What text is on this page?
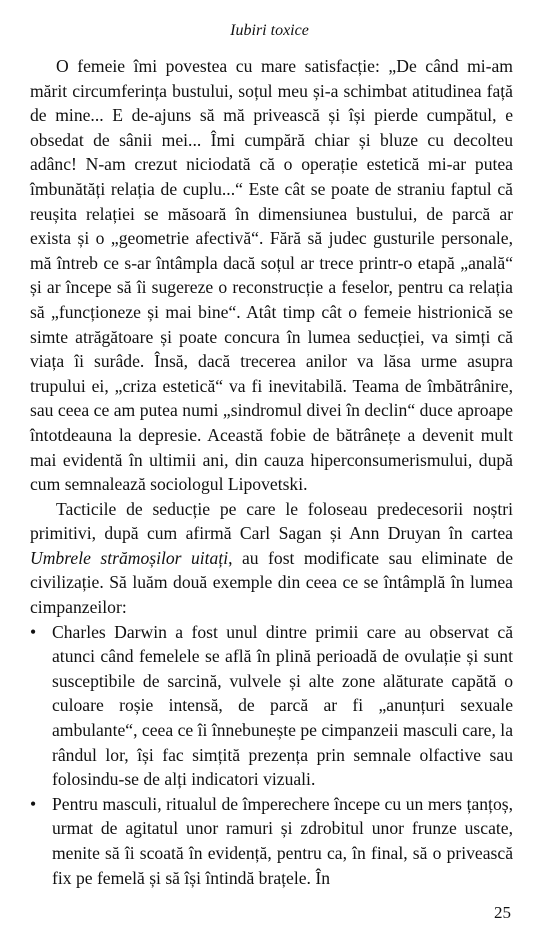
Iubiri toxice

O femeie îmi povestea cu mare satisfacție: „De când mi-am mărit circumferința bustului, soțul meu și-a schimbat atitudinea față de mine... E de-ajuns să mă privească și își pierde cumpătul, e obsedat de sânii mei... Îmi cumpără chiar și bluze cu decolteu adânc! N-am crezut niciodată că o operație estetică mi-ar putea îmbunătăți relația de cuplu...“ Este cât se poate de straniu faptul că reușita relației se măsoară în dimensiunea bustului, de parcă ar exista și o „geometrie afectivă“. Fără să judec gusturile personale, mă întreb ce s-ar întâmpla dacă soțul ar trece printr-o etapă „anală“ și ar începe să îi sugereze o reconstrucție a feselor, pentru ca relația să „funcționeze și mai bine“. Atât timp cât o femeie histrionică se simte atrăgătoare și poate concura în lumea seducției, va simți că viața îi surâde. Însă, dacă trecerea anilor va lăsa urme asupra trupului ei, „criza estetică“ va fi inevitabilă. Teama de îmbătrânire, sau ceea ce am putea numi „sindromul divei în declin“ duce aproape întotdeauna la depresie. Această fobie de bătrânețe a devenit mult mai evidentă în ultimii ani, din cauza hiperconsumerismului, după cum semnalează sociologul Lipovetski.

Tacticile de seducție pe care le foloseau predecesorii noștri primitivi, după cum afirmă Carl Sagan și Ann Druyan în cartea Umbrele strămoșilor uitați, au fost modificate sau eliminate de civilizație. Să luăm două exemple din ceea ce se întâmplă în lumea cimpanzeilor:

• Charles Darwin a fost unul dintre primii care au observat că atunci când femelele se află în plină perioadă de ovulație și sunt susceptibile de sarcină, vulvele și alte zone alăturate capătă o culoare roșie intensă, de parcă ar fi „anunțuri sexuale ambulante“, ceea ce îi înnebunește pe cimpanzeii masculi care, la rândul lor, își fac simțită prezența prin semnale olfactive sau folosindu-se de alți indicatori vizuali.
• Pentru masculi, ritualul de împerechere începe cu un mers țanțoș, urmat de agitatul unor ramuri și zdrobitul unor frunze uscate, menite să îi scoată în evidență, pentru ca, în final, să o privească fix pe femelă și să își întindă brațele. În
25
